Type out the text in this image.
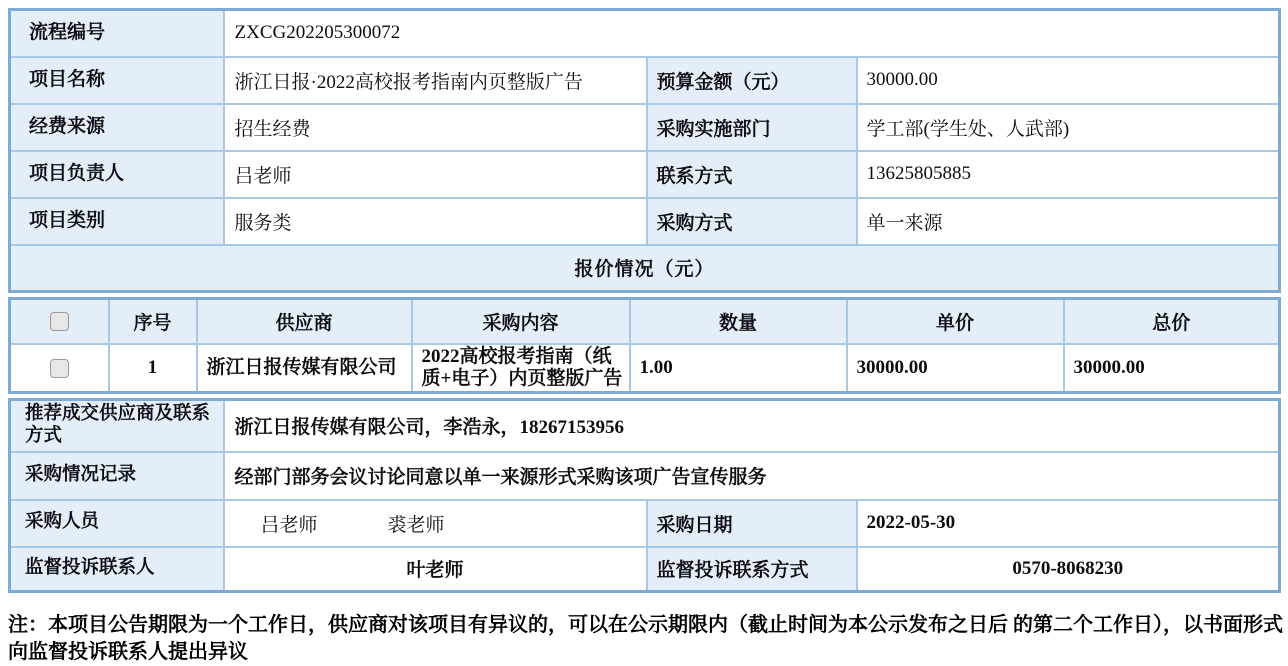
流程编号	ZXCG202205300072		
项目名称	浙江日报·2022高校报考指南内页整版广告	预算金额（元）	30000.00
经费来源	招生经费	采购实施部门	学工部(学生处、人武部)
项目负责人	吕老师	联系方式	13625805885
项目类别	服务类	采购方式	单一来源
报价情况（元）			
	序号	供应商	采购内容	数量	单价	总价
	1	浙江日报传媒有限公司	2022高校报考指南（纸质+电子）内页整版广告	1.00	30000.00	30000.00
推荐成交供应商及联系方式	浙江日报传媒有限公司，李浩永，18267153956		
采购情况记录	经部门部务会议讨论同意以单一来源形式采购该项广告宣传服务		
采购人员	吕老师 裘老师	采购日期	2022-05-30
监督投诉联系人	叶老师	监督投诉联系方式	0570-8068230
注：本项目公告期限为一个工作日，供应商对该项目有异议的，可以在公示期限内（截止时间为本公示发布之日后 的第二个工作日），以书面形式向监督投诉联系人提出异议
